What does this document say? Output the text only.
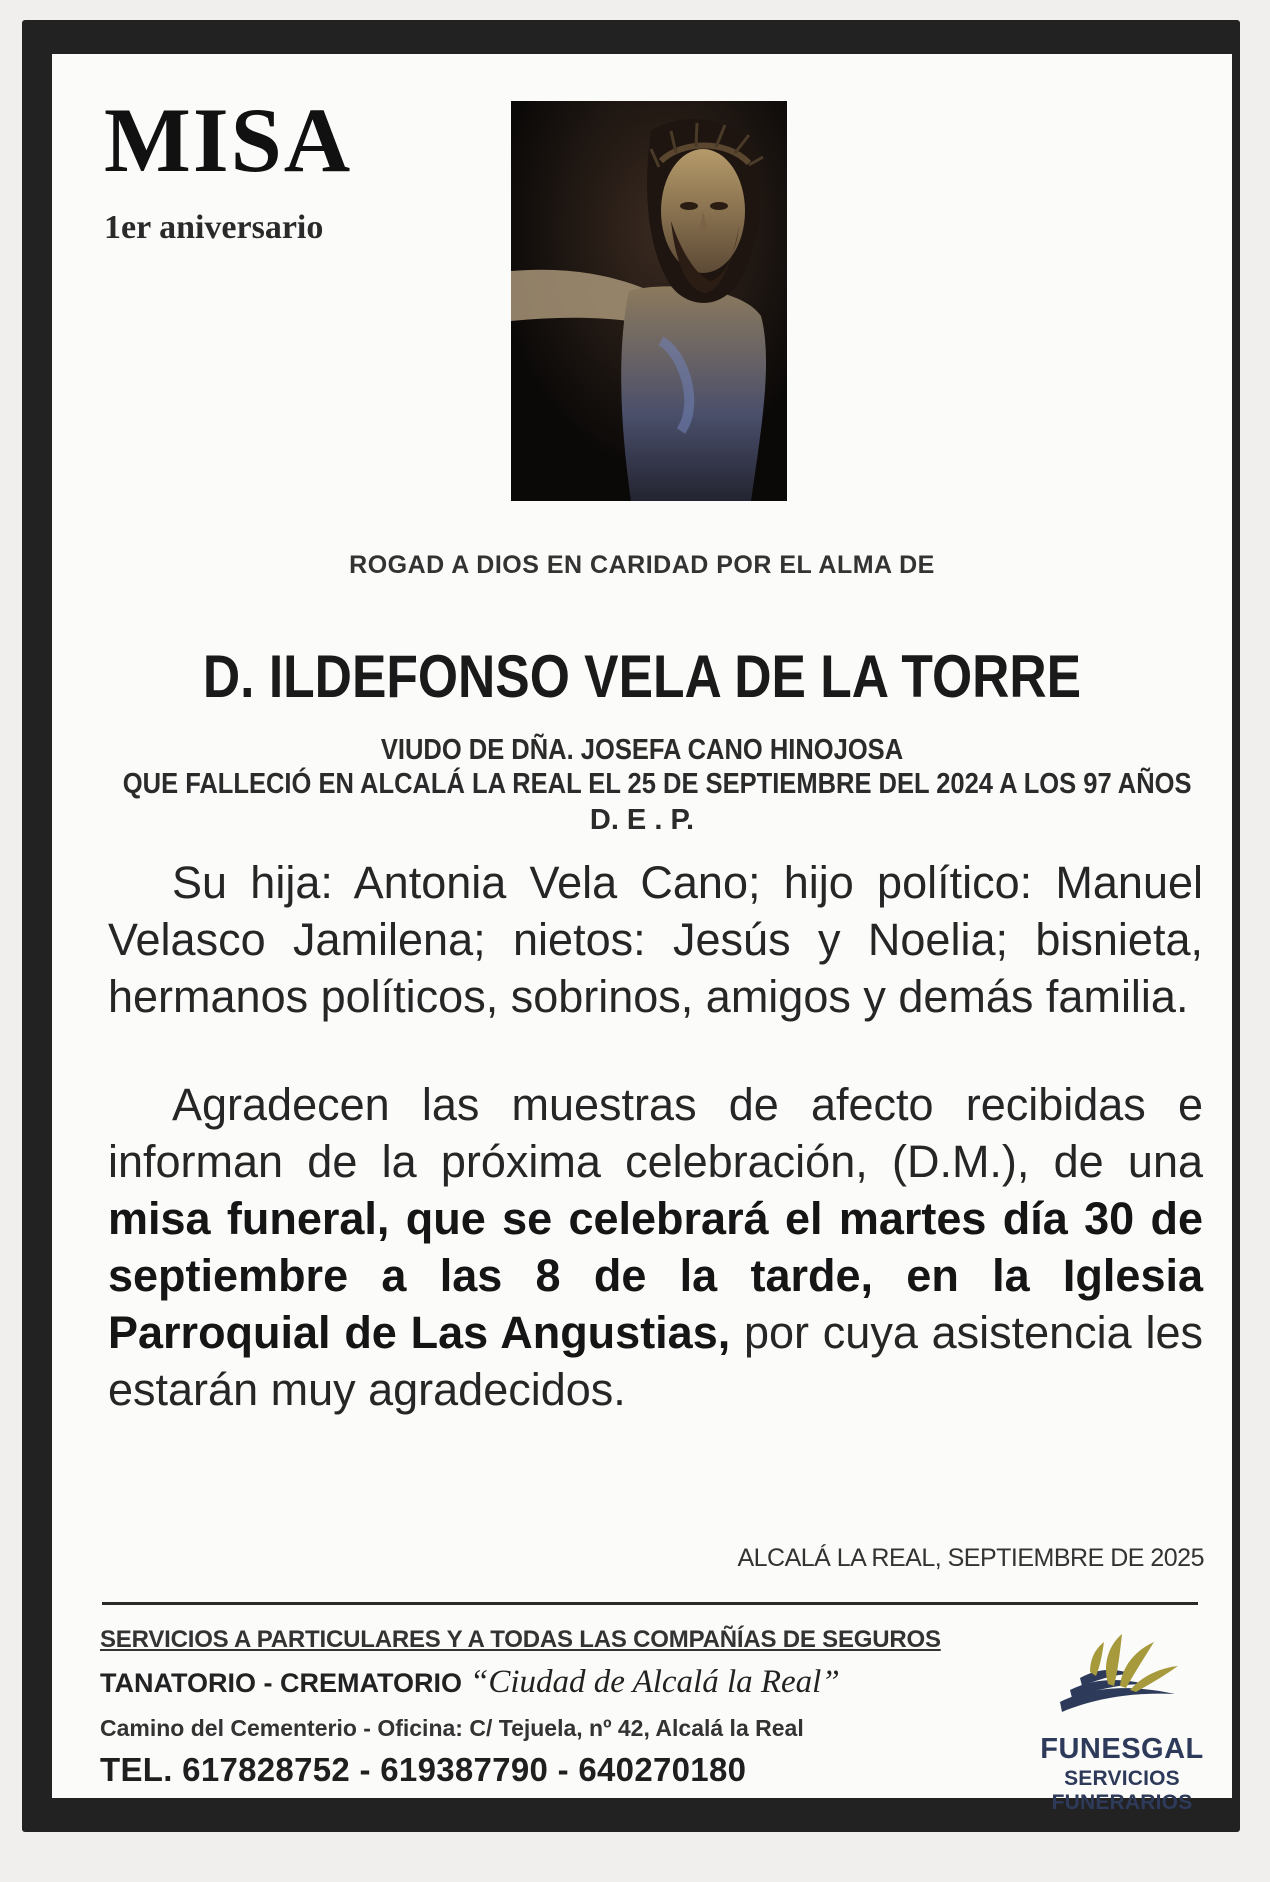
MISA
1er aniversario
ROGAD A DIOS EN CARIDAD POR EL ALMA DE
D. ILDEFONSO VELA DE LA TORRE
VIUDO DE DÑA. JOSEFA CANO HINOJOSA
QUE FALLECIÓ EN ALCALÁ LA REAL EL 25 DE SEPTIEMBRE DEL 2024 A LOS 97 AÑOS
D. E . P.
Su hija: Antonia Vela Cano; hijo político: Manuel Velasco Jamilena; nietos: Jesús y Noelia; bisnieta, hermanos políticos, sobrinos, amigos y demás familia.
Agradecen las muestras de afecto recibidas e informan de la próxima celebración, (D.M.), de una misa funeral, que se celebrará el martes día 30 de septiembre a las 8 de la tarde, en la Iglesia Parroquial de Las Angustias, por cuya asistencia les estarán muy agradecidos.
ALCALÁ LA REAL, SEPTIEMBRE DE 2025
SERVICIOS A PARTICULARES Y A TODAS LAS COMPAÑÍAS DE SEGUROS
TANATORIO - CREMATORIO “Ciudad de Alcalá la Real”
Camino del Cementerio - Oficina: C/ Tejuela, nº 42, Alcalá la Real
TEL. 617828752 - 619387790 - 640270180
FUNESGAL
SERVICIOS FUNERARIOS
